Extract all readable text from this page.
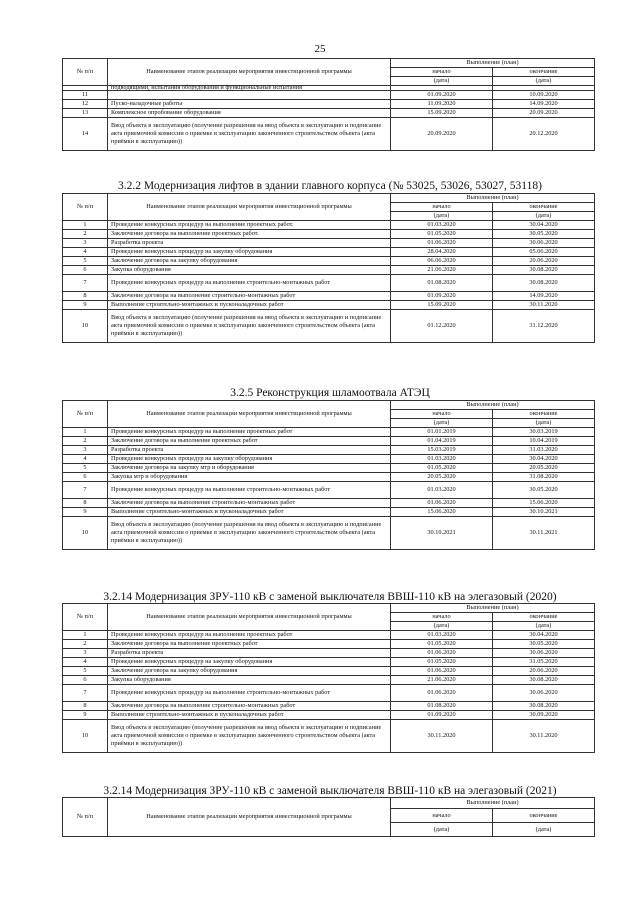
25
№ п/п	Наименование этапов реализации мероприятия инвестиционной программы	Выполнение (план)	
		начало	окончание
		(дата)	(дата)

	подводящими, испытания оборудования и функциональные испытания		

11		01.09.2020	10.09.2020
12	Пуско-наладочные работы	11.09.2020	14.09.2020
13	Комплексное опробование оборудования	15.09.2020	20.09.2020
14	Ввод объекта в эксплуатацию (получение разрешения на ввод объекта в эксплуатацию и подписание акта приемочной комиссии о приемке в эксплуатацию законченного строительством объекта (акта приёмки в эксплуатацию))	20.09.2020	20.12.2020
3.2.2 Модернизация лифтов в здании главного корпуса (№ 53025, 53026, 53027, 53118)
№ п/п	Наименование этапов реализации мероприятия инвестиционной программы	Выполнение (план)	
		начало	окончание
		(дата)	(дата)
1	Проведение конкурсных процедур на выполнение проектных работ.	01.03.2020	30.04.2020
2	Заключение договора на выполнение проектных работ.	01.05.2020	30.05.2020
3	Разработка проекта	01.06.2020	30.06.2020
4	Проведение конкурсных процедур на закупку оборудования	28.04.2020	05.06.2020
5	Заключение договора на закупку оборудования	06.06.2020	20.06.2020
6	Закупка оборудования	21.06.2020	30.08.2020
7	Проведение конкурсных процедур на выполнение строительно-монтажных работ	01.08.2020	30.08.2020
8	Заключение договора на выполнение строительно-монтажных работ	01.09.2020	14.09.2020
9	Выполнение строительно-монтажных и пусконаладочных работ	15.09.2020	30.11.2020
10	Ввод объекта в эксплуатацию (получение разрешения на ввод объекта в эксплуатацию и подписание акта приемочной комиссии о приемке в эксплуатацию законченного строительством объекта (акта приёмки в эксплуатацию))	01.12.2020	31.12.2020
3.2.5 Реконструкция шламоотвала АТЭЦ
№ п/п	Наименование этапов реализации мероприятия инвестиционной программы	Выполнение (план)	
		начало	окончание
		(дата)	(дата)
1	Проведение конкурсных процедур на выполнение проектных работ	01.01.2019	30.03.2019
2	Заключение договора на выполнение проектных работ	01.04.2019	10.04.2019
3	Разработка проекта	15.03.2019	31.03.2020
4	Проведение конкурсных процедур на закупку оборудования	01.03.2020	30.04.2020
5	Заключение договора на закупку мтр и оборудования	01.05.2020	20.05.2020
6	Закупка мтр и оборудования	20.05.2020	31.08.2020
7	Проведение конкурсных процедур на выполнение строительно-монтажных работ	01.03.2020	30.05.2020
8	Заключение договора на выполнение строительно-монтажных работ	01.06.2020	15.06.2020
9	Выполнение строительно-монтажных и пусконаладочных работ	15.06.2020	30.10.2021
10	Ввод объекта в эксплуатацию (получение разрешения на ввод объекта в эксплуатацию и подписание акта приемочной комиссии о приемке в эксплуатацию законченного строительством объекта (акта приёмки в эксплуатацию))	30.10.2021	30.11.2021
3.2.14 Модернизация ЗРУ-110 кВ с заменой выключателя ВВШ-110 кВ на элегазовый (2020)
№ п/п	Наименование этапов реализации мероприятия инвестиционной программы	Выполнение (план)	
		начало	окончание
		(дата)	(дата)
1	Проведение конкурсных процедур на выполнение проектных работ	01.03.2020	30.04.2020
2	Заключение договора на выполнение проектных работ	01.05.2020	30.05.2020
3	Разработка проекта	01.06.2020	30.06.2020
4	Проведение конкурсных процедур на закупку оборудования	01.05.2020	31.05.2020
5	Заключение договора на закупку оборудования	01.06.2020	20.06.2020
6	Закупка оборудования	21.06.2020	30.08.2020
7	Проведение конкурсных процедур на выполнение строительно-монтажных работ	01.06.2020	30.06.2020
8	Заключение договора на выполнение строительно-монтажных работ	01.08.2020	30.08.2020
9	Выполнение строительно-монтажных и пусконаладочных работ	01.09.2020	30.09.2020
10	Ввод объекта в эксплуатацию (получение разрешения на ввод объекта в эксплуатацию и подписание акта приемочной комиссии о приемке в эксплуатацию законченного строительством объекта (акта приёмки в эксплуатацию))	30.11.2020	30.11.2020
3.2.14 Модернизация ЗРУ-110 кВ с заменой выключателя ВВШ-110 кВ на элегазовый (2021)
№ п/п	Наименование этапов реализации мероприятия инвестиционной программы	Выполнение (план)	
		начало	окончание
		(дата)	(дата)
